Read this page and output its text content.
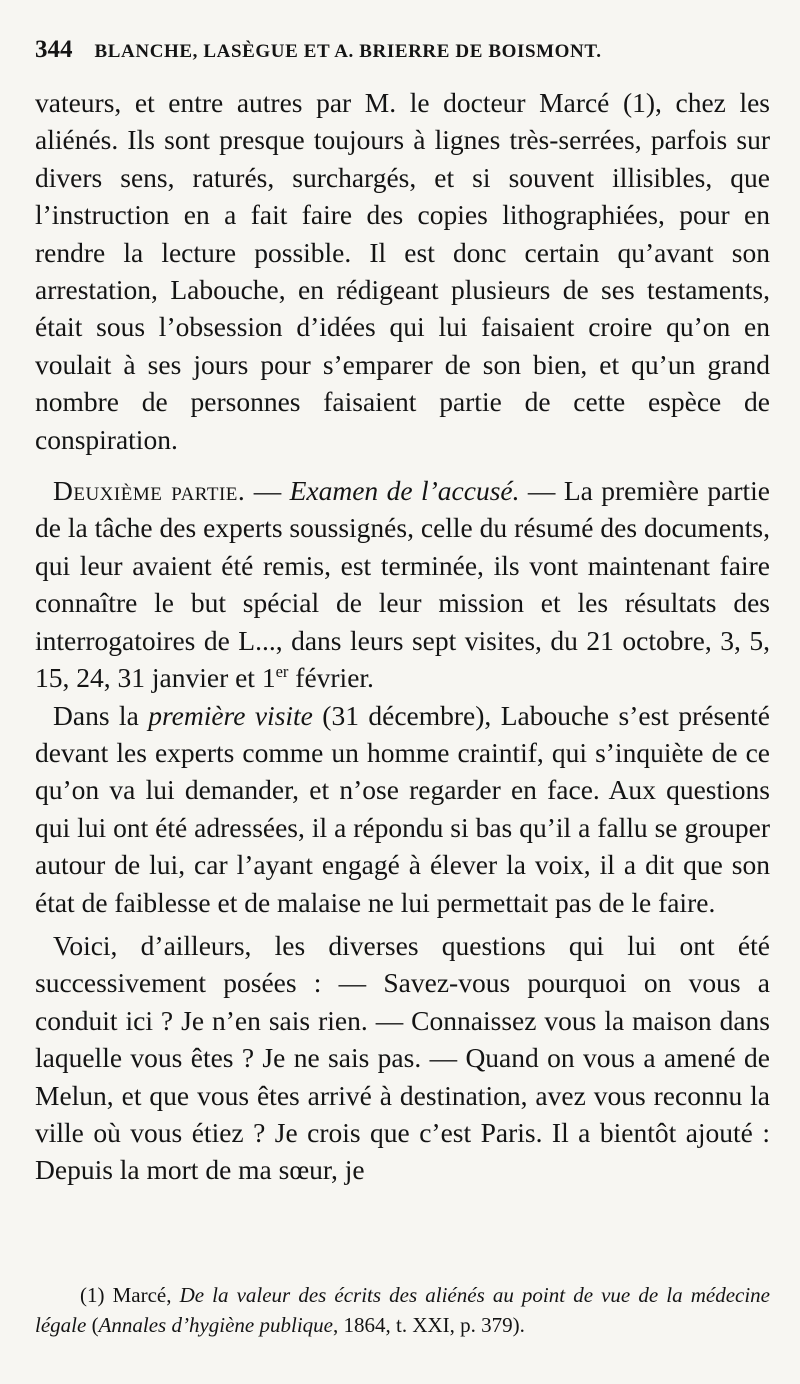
344 BLANCHE, LASÈGUE ET A. BRIERRE DE BOISMONT.

vateurs, et entre autres par M. le docteur Marcé (1), chez les aliénés. Ils sont presque toujours à lignes très-serrées, parfois sur divers sens, raturés, surchargés, et si souvent illisibles, que l’instruction en a fait faire des copies lithographiées, pour en rendre la lecture possible. Il est donc certain qu’avant son arrestation, Labouche, en rédigeant plusieurs de ses testaments, était sous l’obsession d’idées qui lui faisaient croire qu’on en voulait à ses jours pour s’emparer de son bien, et qu’un grand nombre de personnes faisaient partie de cette espèce de conspiration.

Deuxième partie. — Examen de l’accusé. — La première partie de la tâche des experts soussignés, celle du résumé des documents, qui leur avaient été remis, est terminée, ils vont maintenant faire connaître le but spécial de leur mission et les résultats des interrogatoires de L..., dans leurs sept visites, du 21 octobre, 3, 5, 15, 24, 31 janvier et 1er février.

Dans la première visite (31 décembre), Labouche s’est présenté devant les experts comme un homme craintif, qui s’inquiète de ce qu’on va lui demander, et n’ose regarder en face. Aux questions qui lui ont été adressées, il a répondu si bas qu’il a fallu se grouper autour de lui, car l’ayant engagé à élever la voix, il a dit que son état de faiblesse et de malaise ne lui permettait pas de le faire.

Voici, d’ailleurs, les diverses questions qui lui ont été successivement posées : — Savez-vous pourquoi on vous a conduit ici ? Je n’en sais rien. — Connaissez vous la maison dans laquelle vous êtes ? Je ne sais pas. — Quand on vous a amené de Melun, et que vous êtes arrivé à destination, avez vous reconnu la ville où vous étiez ? Je crois que c’est Paris. Il a bientôt ajouté : Depuis la mort de ma sœur, je

(1) Marcé, De la valeur des écrits des aliénés au point de vue de la médecine légale (Annales d’hygiène publique, 1864, t. XXI, p. 379).
